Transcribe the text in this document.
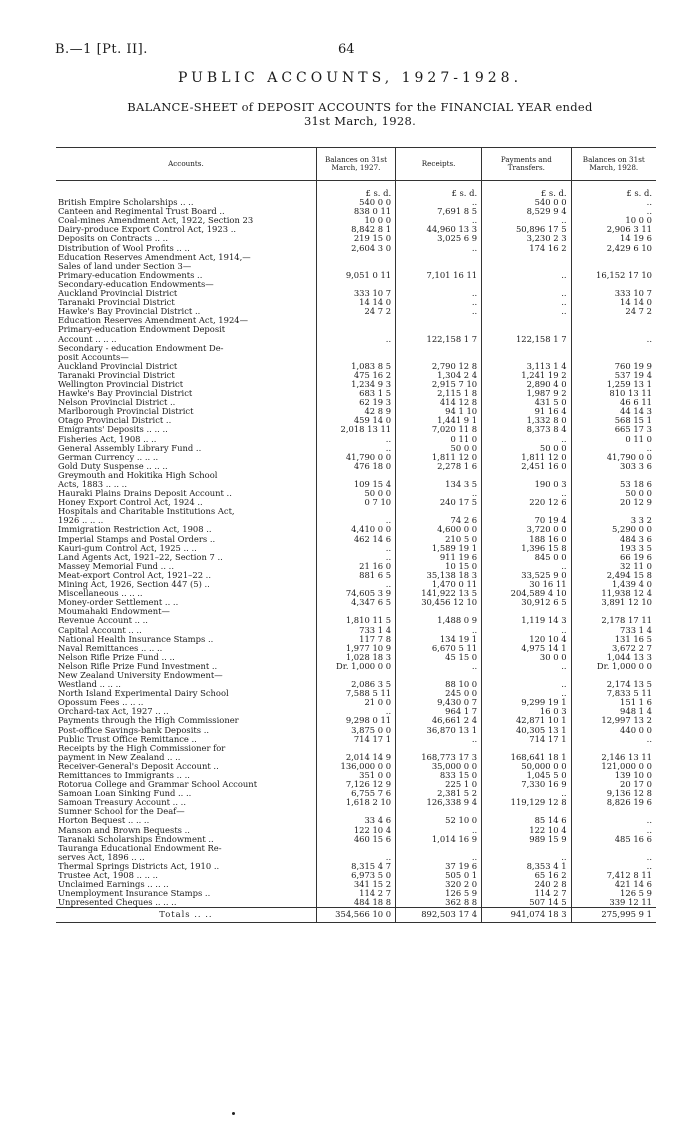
B.—1 [Pt. II].	64
PUBLIC ACCOUNTS, 1927-1928.
BALANCE-SHEET of DEPOSIT ACCOUNTS for the FINANCIAL YEAR ended
31st March, 1928.
Accounts.	Balances on 31st March, 1927.	Receipts.	Payments and Transfers.	Balances on 31st March, 1928.
	£ s. d.	£ s. d.	£ s. d.	£ s. d.
British Empire Scholarships .. ..	540 0 0	..	540 0 0	..
Canteen and Regimental Trust Board ..	838 0 11	7,691 8 5	8,529 9 4	..
Coal-mines Amendment Act, 1922, Section 23	10 0 0	..	..	10 0 0
Dairy-produce Export Control Act, 1923 ..	8,842 8 1	44,960 13 3	50,896 17 5	2,906 3 11
Deposits on Contracts .. ..	219 15 0	3,025 6 9	3,230 2 3	14 19 6
Distribution of Wool Profits .. ..	2,604 3 0	..	174 16 2	2,429 6 10
Education Reserves Amendment Act, 1914,—				
Sales of land under Section 3—				
Primary-education Endowments ..	9,051 0 11	7,101 16 11	..	16,152 17 10
Secondary-education Endowments—				
Auckland Provincial District	333 10 7	..	..	333 10 7
Taranaki Provincial District	14 14 0	..	..	14 14 0
Hawke's Bay Provincial District ..	24 7 2	..	..	24 7 2
Education Reserves Amendment Act, 1924—				
Primary-education Endowment Deposit				
Account .. .. ..	..	122,158 1 7	122,158 1 7	..
Secondary - education Endowment De-				
posit Accounts—				
Auckland Provincial District	1,083 8 5	2,790 12 8	3,113 1 4	760 19 9
Taranaki Provincial District	475 16 2	1,304 2 4	1,241 19 2	537 19 4
Wellington Provincial District	1,234 9 3	2,915 7 10	2,890 4 0	1,259 13 1
Hawke's Bay Provincial District	683 1 5	2,115 1 8	1,987 9 2	810 13 11
Nelson Provincial District ..	62 19 3	414 12 8	431 5 0	46 6 11
Marlborough Provincial District	42 8 9	94 1 10	91 16 4	44 14 3
Otago Provincial District ..	459 14 0	1,441 9 1	1,332 8 0	568 15 1
Emigrants' Deposits .. .. ..	2,018 13 11	7,020 11 8	8,373 8 4	665 17 3
Fisheries Act, 1908 .. ..	..	0 11 0	..	0 11 0
General Assembly Library Fund ..	..	50 0 0	50 0 0	..
German Currency .. .. ..	41,790 0 0	1,811 12 0	1,811 12 0	41,790 0 0
Gold Duty Suspense .. .. ..	476 18 0	2,278 1 6	2,451 16 0	303 3 6
Greymouth and Hokitika High School				
Acts, 1883 .. .. ..	109 15 4	134 3 5	190 0 3	53 18 6
Hauraki Plains Drains Deposit Account ..	50 0 0	..	..	50 0 0
Honey Export Control Act, 1924 ..	0 7 10	240 17 5	220 12 6	20 12 9
Hospitals and Charitable Institutions Act,				
1926 .. .. ..	..	74 2 6	70 19 4	3 3 2
Immigration Restriction Act, 1908 ..	4,410 0 0	4,600 0 0	3,720 0 0	5,290 0 0
Imperial Stamps and Postal Orders ..	462 14 6	210 5 0	188 16 0	484 3 6
Kauri-gum Control Act, 1925 .. ..	..	1,589 19 1	1,396 15 8	193 3 5
Land Agents Act, 1921–22, Section 7 ..	..	911 19 6	845 0 0	66 19 6
Massey Memorial Fund .. ..	21 16 0	10 15 0	..	32 11 0
Meat-export Control Act, 1921–22 ..	881 6 5	35,138 18 3	33,525 9 0	2,494 15 8
Mining Act, 1926, Section 447 (5) ..	..	1,470 0 11	30 16 11	1,439 4 0
Miscellaneous .. .. ..	74,605 3 9	141,922 13 5	204,589 4 10	11,938 12 4
Money-order Settlement .. ..	4,347 6 5	30,456 12 10	30,912 6 5	3,891 12 10
Moumahaki Endowment—				
Revenue Account .. ..	1,810 11 5	1,488 0 9	1,119 14 3	2,178 17 11
Capital Account .. ..	733 1 4	..	..	733 1 4
National Health Insurance Stamps ..	117 7 8	134 19 1	120 10 4	131 16 5
Naval Remittances .. .. ..	1,977 10 9	6,670 5 11	4,975 14 1	3,672 2 7
Nelson Rifle Prize Fund .. ..	1,028 18 3	45 15 0	30 0 0	1,044 13 3
Nelson Rifle Prize Fund Investment ..	Dr. 1,000 0 0	..	..	Dr. 1,000 0 0
New Zealand University Endowment—				
Westland .. .. ..	2,086 3 5	88 10 0	..	2,174 13 5
North Island Experimental Dairy School	7,588 5 11	245 0 0	..	7,833 5 11
Opossum Fees .. .. ..	21 0 0	9,430 0 7	9,299 19 1	151 1 6
Orchard-tax Act, 1927 .. ..	..	964 1 7	16 0 3	948 1 4
Payments through the High Commissioner	9,298 0 11	46,661 2 4	42,871 10 1	12,997 13 2
Post-office Savings-bank Deposits ..	3,875 0 0	36,870 13 1	40,305 13 1	440 0 0
Public Trust Office Remittance ..	714 17 1	..	714 17 1	..
Receipts by the High Commissioner for				
payment in New Zealand .. ..	2,014 14 9	168,773 17 3	168,641 18 1	2,146 13 11
Receiver-General's Deposit Account ..	136,000 0 0	35,000 0 0	50,000 0 0	121,000 0 0
Remittances to Immigrants .. ..	351 0 0	833 15 0	1,045 5 0	139 10 0
Rotorua College and Grammar School Account	7,126 12 9	225 1 0	7,330 16 9	20 17 0
Samoan Loan Sinking Fund .. ..	6,755 7 6	2,381 5 2	..	9,136 12 8
Samoan Treasury Account .. ..	1,618 2 10	126,338 9 4	119,129 12 8	8,826 19 6
Sumner School for the Deaf—				
Horton Bequest .. .. ..	33 4 6	52 10 0	85 14 6	..
Manson and Brown Bequests ..	122 10 4	..	122 10 4	..
Taranaki Scholarships Endowment ..	460 15 6	1,014 16 9	989 15 9	485 16 6
Tauranga Educational Endowment Re-				
serves Act, 1896 .. ..	..	..	..	..
Thermal Springs Districts Act, 1910 ..	8,315 4 7	37 19 6	8,353 4 1	..
Trustee Act, 1908 .. .. ..	6,973 5 0	505 0 1	65 16 2	7,412 8 11
Unclaimed Earnings .. .. ..	341 15 2	320 2 0	240 2 8	421 14 6
Unemployment Insurance Stamps ..	114 2 7	126 5 9	114 2 7	126 5 9
Unpresented Cheques .. .. ..	484 18 8	362 8 8	507 14 5	339 12 11
Totals .. ..	354,566 10 0	892,503 17 4	941,074 18 3	275,995 9 1
